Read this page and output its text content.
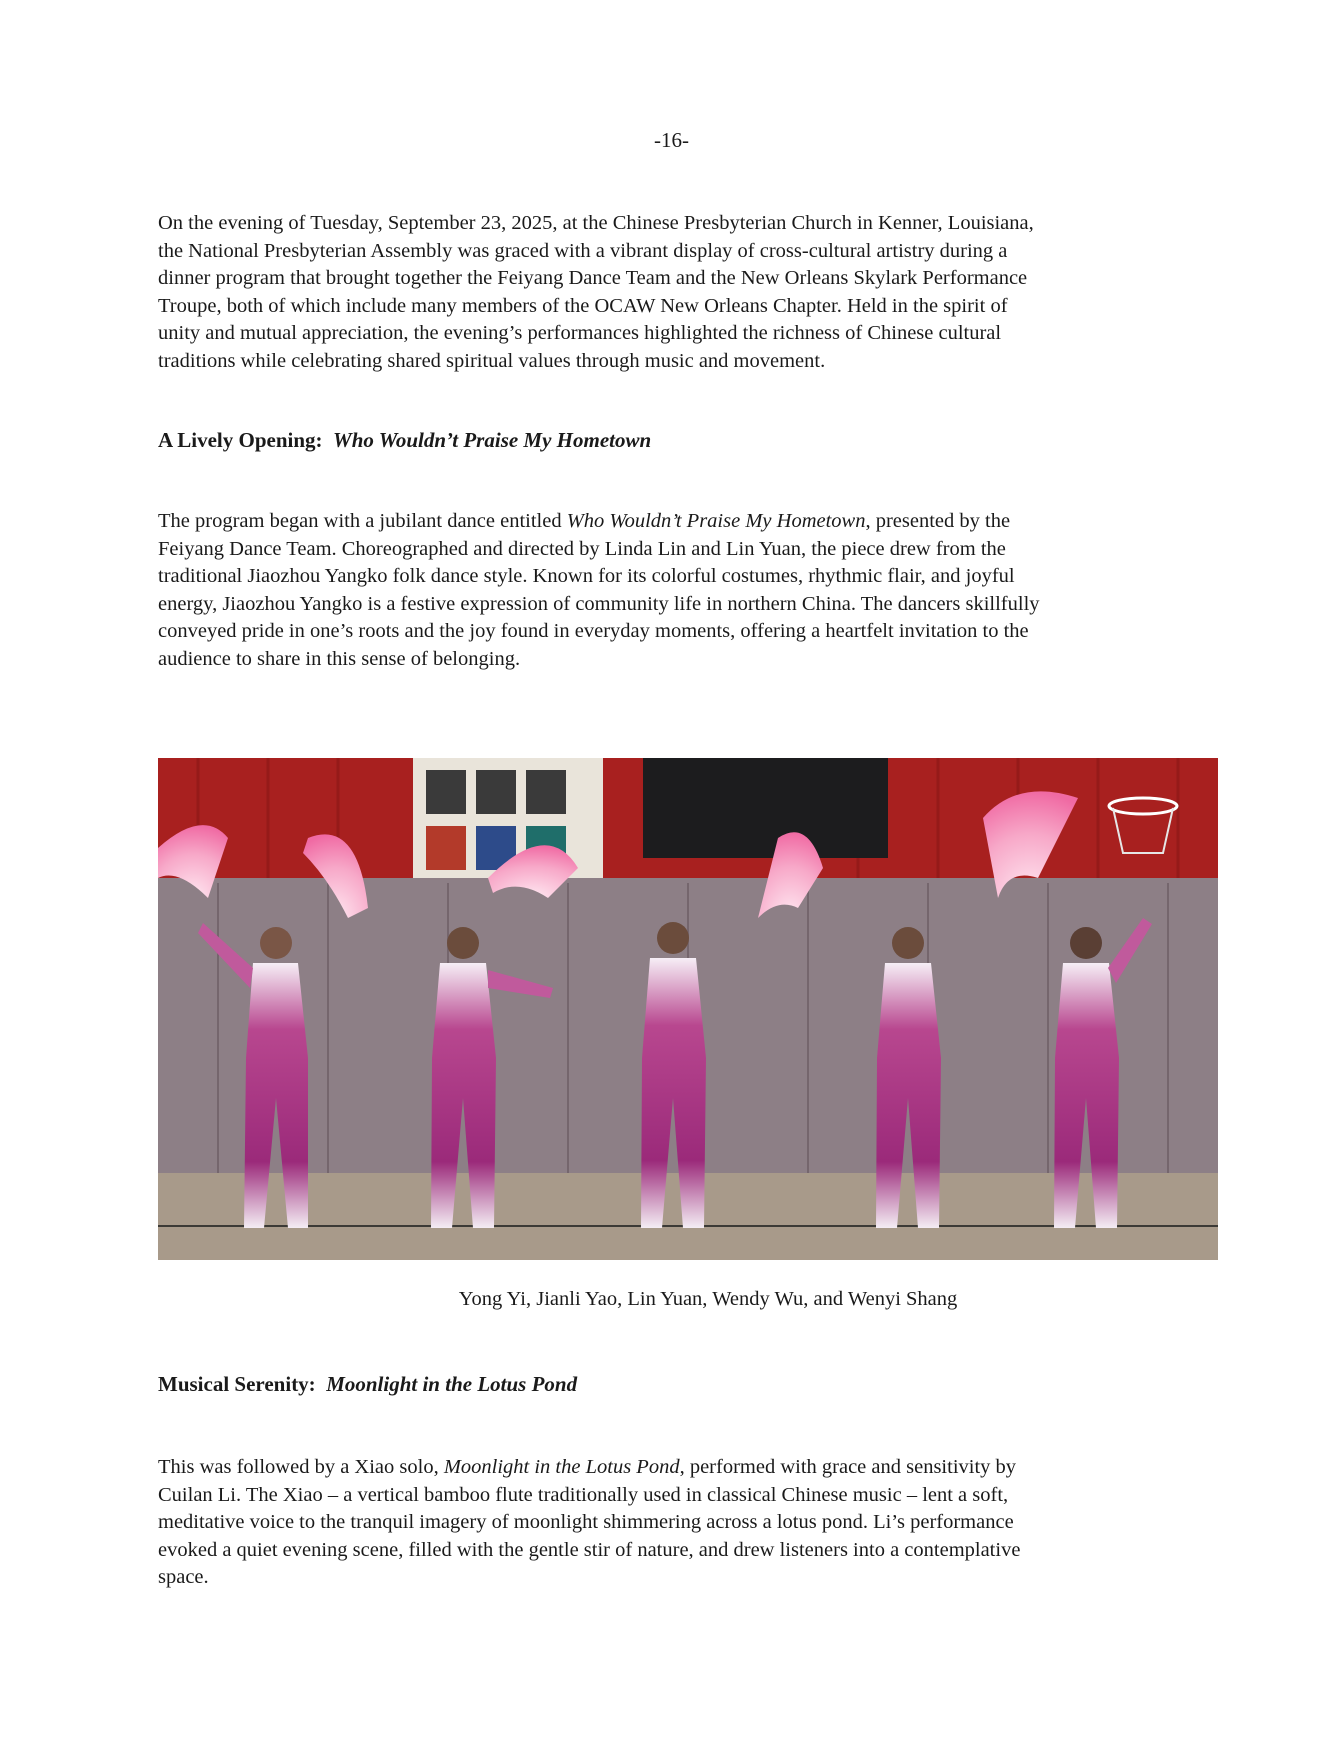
-16-
On the evening of Tuesday, September 23, 2025, at the Chinese Presbyterian Church in Kenner, Louisiana,
the National Presbyterian Assembly was graced with a vibrant display of cross-cultural artistry during a
dinner program that brought together the Feiyang Dance Team and the New Orleans Skylark Performance
Troupe, both of which include many members of the OCAW New Orleans Chapter. Held in the spirit of
unity and mutual appreciation, the evening’s performances highlighted the richness of Chinese cultural
traditions while celebrating shared spiritual values through music and movement.
A Lively Opening: Who Wouldn’t Praise My Hometown
The program began with a jubilant dance entitled Who Wouldn’t Praise My Hometown, presented by the
Feiyang Dance Team. Choreographed and directed by Linda Lin and Lin Yuan, the piece drew from the
traditional Jiaozhou Yangko folk dance style. Known for its colorful costumes, rhythmic flair, and joyful
energy, Jiaozhou Yangko is a festive expression of community life in northern China. The dancers skillfully
conveyed pride in one’s roots and the joy found in everyday moments, offering a heartfelt invitation to the
audience to share in this sense of belonging.
Yong Yi, Jianli Yao, Lin Yuan, Wendy Wu, and Wenyi Shang
Musical Serenity: Moonlight in the Lotus Pond
This was followed by a Xiao solo, Moonlight in the Lotus Pond, performed with grace and sensitivity by
Cuilan Li. The Xiao – a vertical bamboo flute traditionally used in classical Chinese music – lent a soft,
meditative voice to the tranquil imagery of moonlight shimmering across a lotus pond. Li’s performance
evoked a quiet evening scene, filled with the gentle stir of nature, and drew listeners into a contemplative
space.
